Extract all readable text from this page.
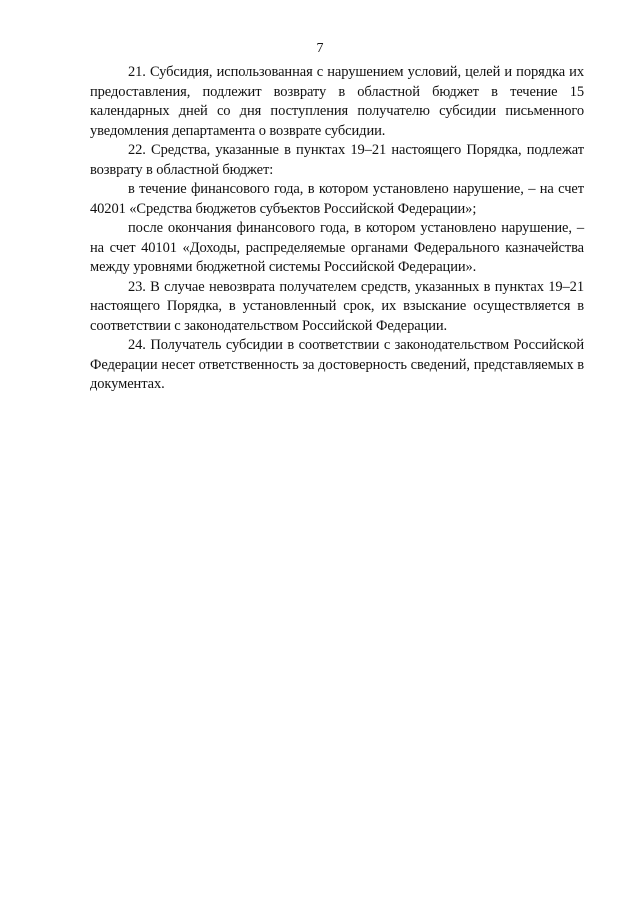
7

21. Субсидия, использованная с нарушением условий, целей и порядка их предоставления, подлежит возврату в областной бюджет в течение 15 календарных дней со дня поступления получателю субсидии письменного уведомления департамента о возврате субсидии.

22. Средства, указанные в пунктах 19–21 настоящего Порядка, подлежат возврату в областной бюджет:

в течение финансового года, в котором установлено нарушение, – на счет 40201 «Средства бюджетов субъектов Российской Федерации»;

после окончания финансового года, в котором установлено нарушение, – на счет 40101 «Доходы, распределяемые органами Федерального казначейства между уровнями бюджетной системы Российской Федерации».

23. В случае невозврата получателем средств, указанных в пунктах 19–21 настоящего Порядка, в установленный срок, их взыскание осуществляется в соответствии с законодательством Российской Федерации.

24. Получатель субсидии в соответствии с законодательством Российской Федерации несет ответственность за достоверность сведений, представляемых в документах.
